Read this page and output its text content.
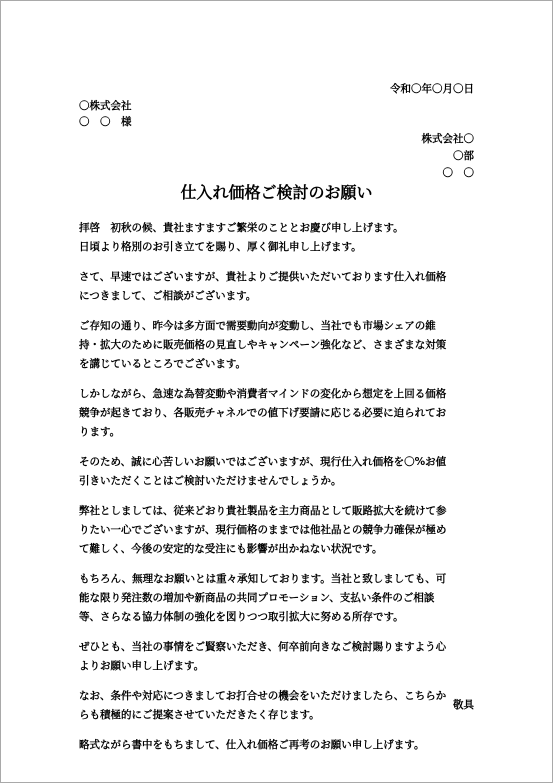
令和〇年〇月〇日
〇株式会社
〇　〇　様
株式会社〇
〇部
〇　〇
仕入れ価格ご検討のお願い

拝啓　初秋の候、貴社ますますご繁栄のこととお慶び申し上げます。
日頃より格別のお引き立てを賜り、厚く御礼申し上げます。

さて、早速ではございますが、貴社よりご提供いただいております仕入れ価格
につきまして、ご相談がございます。

ご存知の通り、昨今は多方面で需要動向が変動し、当社でも市場シェアの維
持・拡大のために販売価格の見直しやキャンペーン強化など、さまざまな対策
を講じているところでございます。

しかしながら、急速な為替変動や消費者マインドの変化から想定を上回る価格
競争が起きており、各販売チャネルでの値下げ要請に応じる必要に迫られてお
ります。

そのため、誠に心苦しいお願いではございますが、現行仕入れ価格を〇%お値
引きいただくことはご検討いただけませんでしょうか。

弊社としましては、従来どおり貴社製品を主力商品として販路拡大を続けて参
りたい一心でございますが、現行価格のままでは他社品との競争力確保が極め
て難しく、今後の安定的な受注にも影響が出かねない状況です。

もちろん、無理なお願いとは重々承知しております。当社と致しましても、可
能な限り発注数の増加や新商品の共同プロモーション、支払い条件のご相談
等、さらなる協力体制の強化を図りつつ取引拡大に努める所存です。

ぜひとも、当社の事情をご賢察いただき、何卒前向きなご検討賜りますよう心
よりお願い申し上げます。

なお、条件や対応につきましてお打合せの機会をいただけましたら、こちらか
らも積極的にご提案させていただきたく存じます。

略式ながら書中をもちまして、仕入れ価格ご再考のお願い申し上げます。

敬具
